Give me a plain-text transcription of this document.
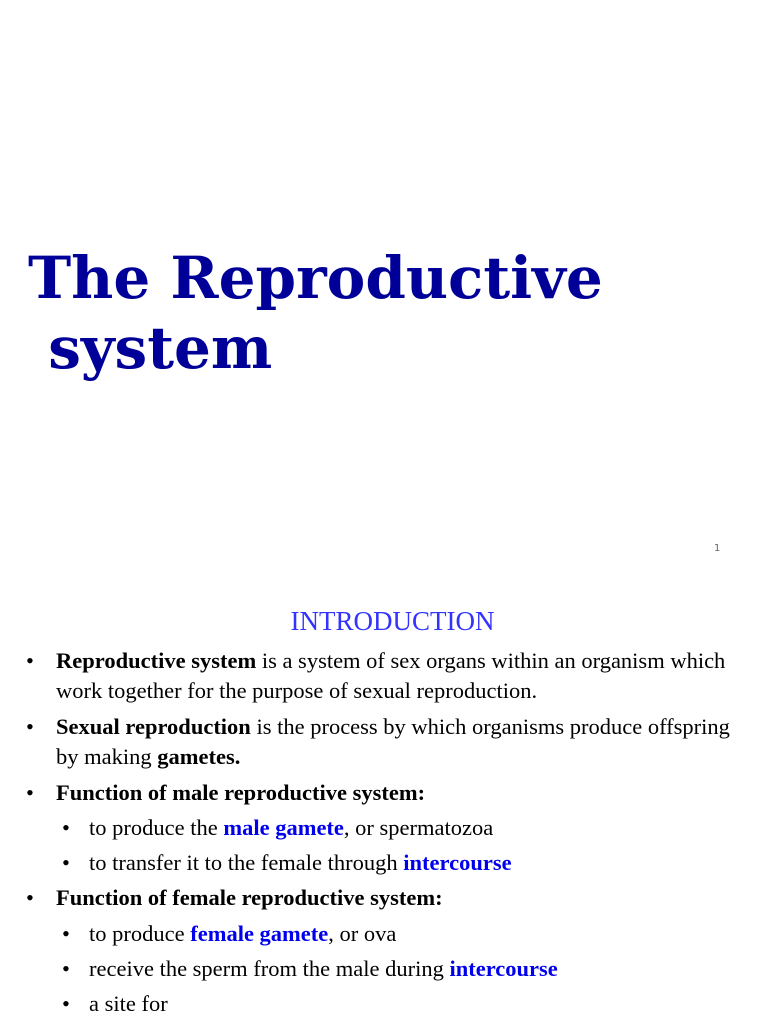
The Reproductive
system
1
INTRODUCTION
• Reproductive system is a system of sex organs within an organism which work together for the purpose of sexual reproduction.
• Sexual reproduction is the process by which organisms produce offspring by making gametes.
• Function of male reproductive system:
• to produce the male gamete, or spermatozoa
• to transfer it to the female through intercourse
• Function of female reproductive system:
• to produce female gamete, or ova
• receive the sperm from the male during intercourse
• a site for
